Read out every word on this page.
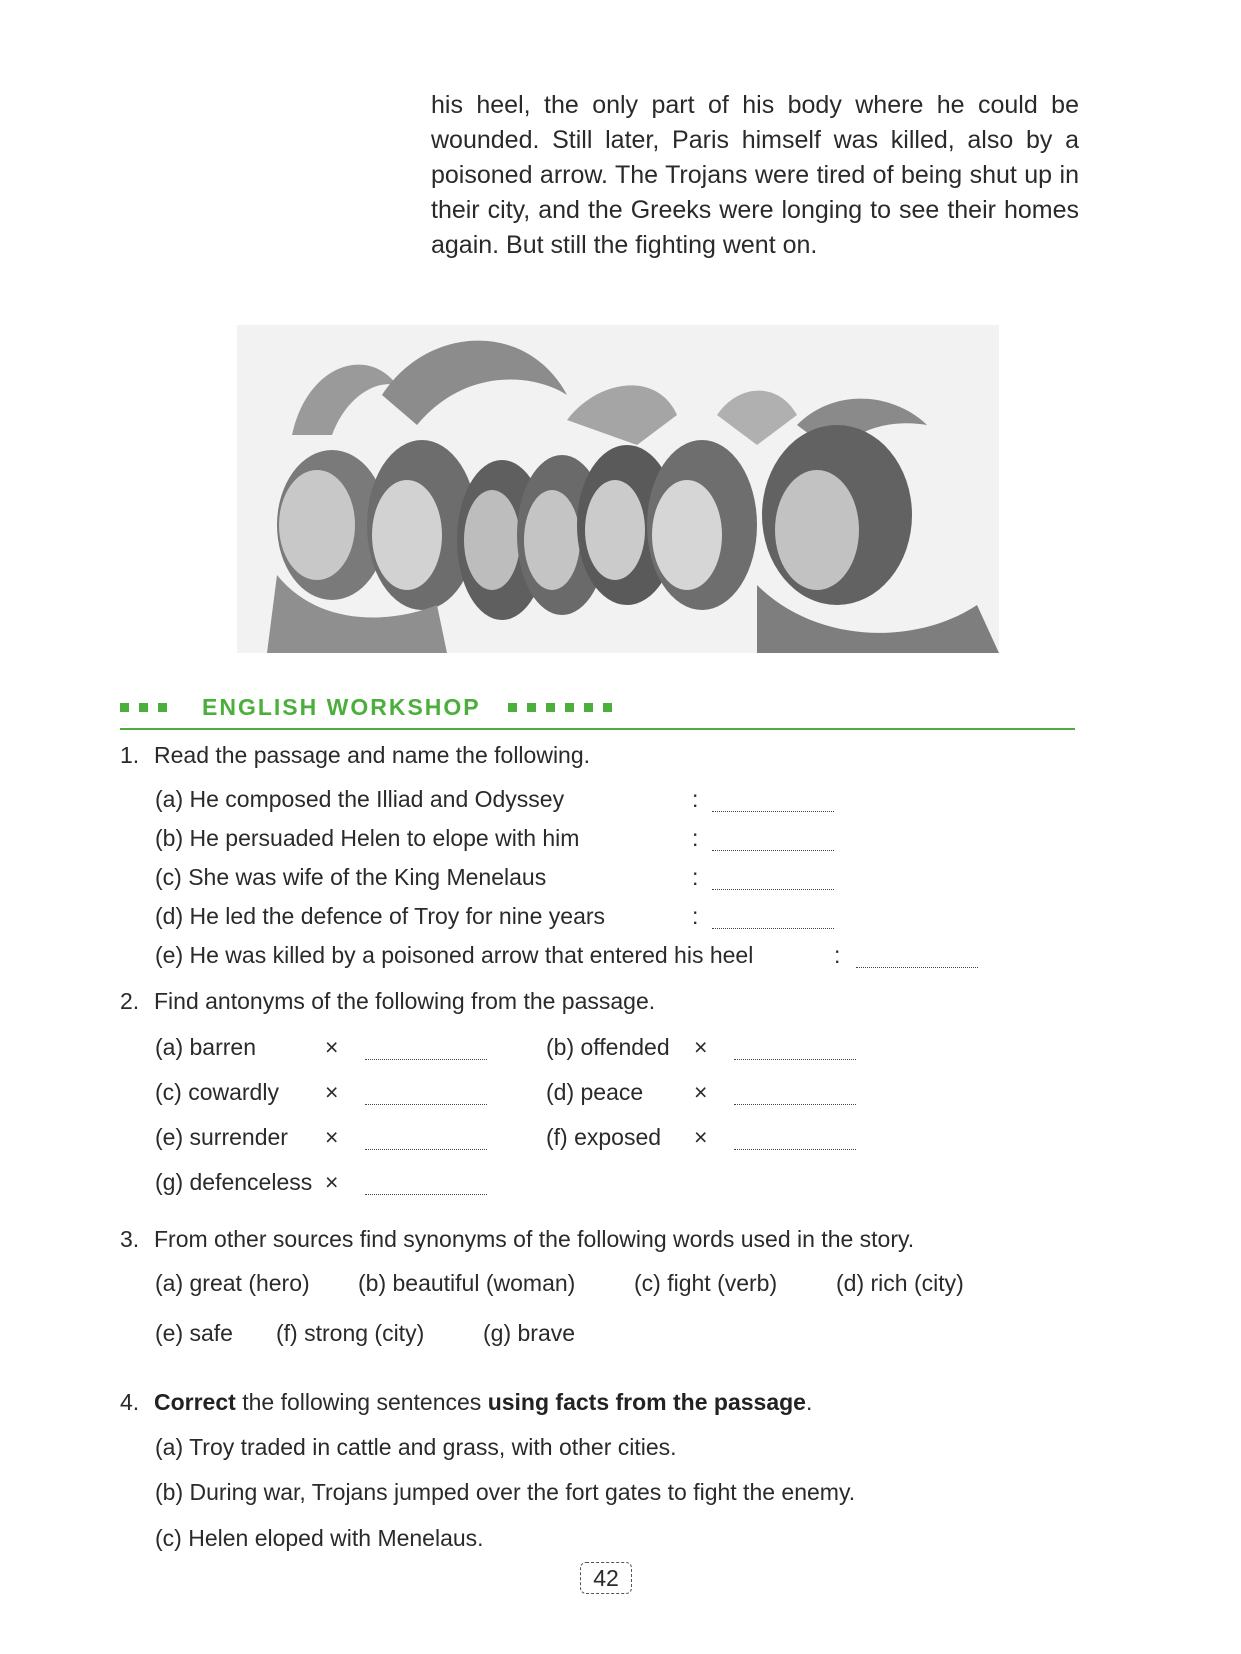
his heel, the only part of his body where he could be wounded. Still later, Paris himself was killed, also by a poisoned arrow. The Trojans were tired of being shut up in their city, and the Greeks were longing to see their homes again. But still the fighting went on.

ENGLISH WORKSHOP
1. Read the passage and name the following.
(a) He composed the Illiad and Odyssey	:
(b) He persuaded Helen to elope with him	:
(c) She was wife of the King Menelaus	:
(d) He led the defence of Troy for nine years	:
(e) He was killed by a poisoned arrow that entered his heel	:
2. Find antonyms of the following from the passage.
(a) barren	×	(b) offended ×
(c) cowardly ×	(d) peace ×
(e) surrender ×	(f) exposed ×
(g) defenceless ×
3. From other sources find synonyms of the following words used in the story.
(a) great (hero) (b) beautiful (woman)	(c) fight (verb)	(d) rich (city)
(e) safe (f) strong (city)	(g) brave
4. Correct the following sentences using facts from the passage.
(a) Troy traded in cattle and grass, with other cities.
(b) During war, Trojans jumped over the fort gates to fight the enemy.
(c) Helen eloped with Menelaus.
42
